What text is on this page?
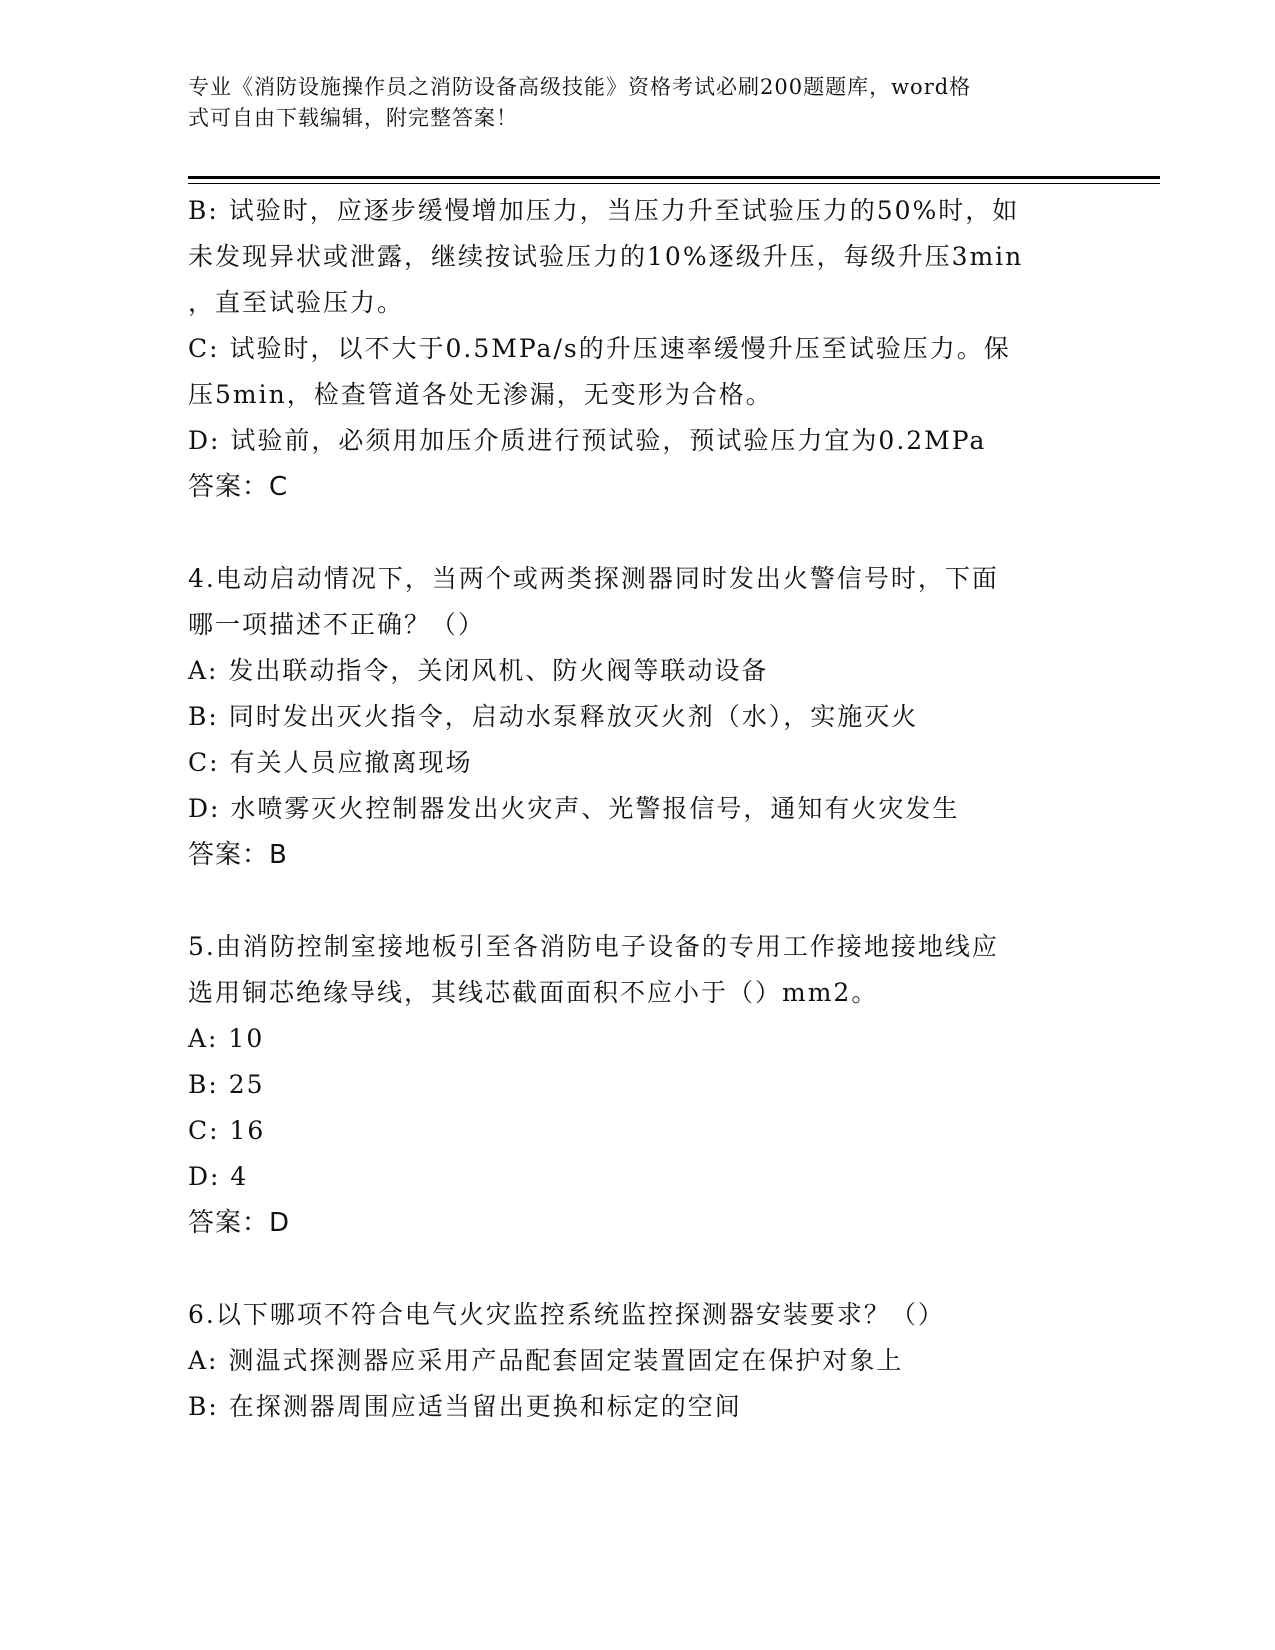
专业《消防设施操作员之消防设备高级技能》资格考试必刷200题题库，word格
式可自由下载编辑，附完整答案！
B: 试验时，应逐步缓慢增加压力，当压力升至试验压力的50%时，如
未发现异状或泄露，继续按试验压力的10%逐级升压，每级升压3min
，直至试验压力。
C: 试验时，以不大于0.5MPa/s的升压速率缓慢升压至试验压力。保
压5min，检查管道各处无渗漏，无变形为合格。
D: 试验前，必须用加压介质进行预试验，预试验压力宜为0.2MPa
答案：C
4.电动启动情况下，当两个或两类探测器同时发出火警信号时，下面
哪一项描述不正确？（）
A: 发出联动指令，关闭风机、防火阀等联动设备
B: 同时发出灭火指令，启动水泵释放灭火剂（水），实施灭火
C: 有关人员应撤离现场
D: 水喷雾灭火控制器发出火灾声、光警报信号，通知有火灾发生
答案：B
5.由消防控制室接地板引至各消防电子设备的专用工作接地接地线应
选用铜芯绝缘导线，其线芯截面面积不应小于（）mm2。
A: 10
B: 25
C: 16
D: 4
答案：D
6.以下哪项不符合电气火灾监控系统监控探测器安装要求？（）
A: 测温式探测器应采用产品配套固定装置固定在保护对象上
B: 在探测器周围应适当留出更换和标定的空间
